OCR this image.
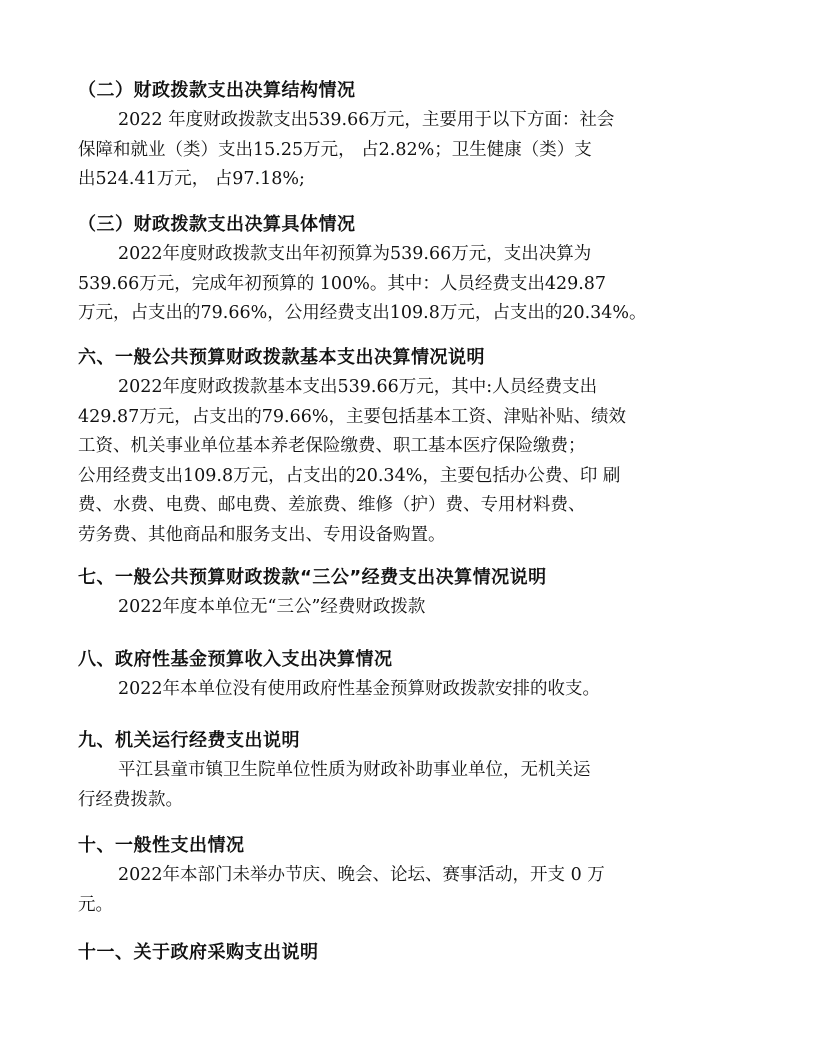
（二）财政拨款支出决算结构情况
2022 年度财政拨款支出539.66万元，主要用于以下方面：社会
保障和就业（类）支出15.25万元， 占2.82%；卫生健康（类）支
出524.41万元， 占97.18%;
（三）财政拨款支出决算具体情况
2022年度财政拨款支出年初预算为539.66万元，支出决算为
539.66万元，完成年初预算的 100%。其中：人员经费支出429.87
万元，占支出的79.66%，公用经费支出109.8万元，占支出的20.34%。
六、一般公共预算财政拨款基本支出决算情况说明
2022年度财政拨款基本支出539.66万元，其中:人员经费支出
429.87万元，占支出的79.66%，主要包括基本工资、津贴补贴、绩效
工资、机关事业单位基本养老保险缴费、职工基本医疗保险缴费；
公用经费支出109.8万元，占支出的20.34%，主要包括办公费、印 刷
费、水费、电费、邮电费、差旅费、维修（护）费、专用材料费、
劳务费、其他商品和服务支出、专用设备购置。
七、一般公共预算财政拨款“三公”经费支出决算情况说明
2022年度本单位无“三公”经费财政拨款
八、政府性基金预算收入支出决算情况
2022年本单位没有使用政府性基金预算财政拨款安排的收支。
九、机关运行经费支出说明
平江县童市镇卫生院单位性质为财政补助事业单位，无机关运
行经费拨款。
十、一般性支出情况
2022年本部门未举办节庆、晚会、论坛、赛事活动，开支 0 万
元。
十一、关于政府采购支出说明
